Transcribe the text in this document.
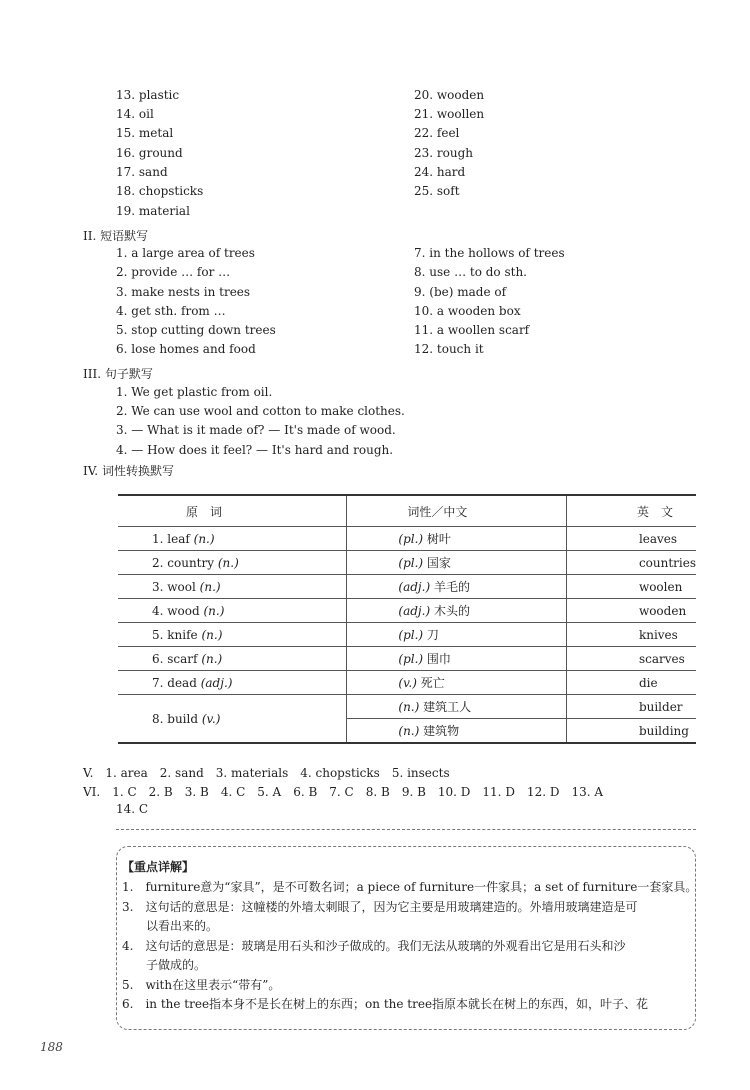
13. plastic
14. oil
15. metal
16. ground
17. sand
18. chopsticks
19. material
20. wooden
21. woollen
22. feel
23. rough
24. hard
25. soft
II. 短语默写
1. a large area of trees
2. provide … for …
3. make nests in trees
4. get sth. from …
5. stop cutting down trees
6. lose homes and food
7. in the hollows of trees
8. use … to do sth.
9. (be) made of
10. a wooden box
11. a woollen scarf
12. touch it
III. 句子默写
1. We get plastic from oil.
2. We can use wool and cotton to make clothes.
3. — What is it made of? — It's made of wood.
4. — How does it feel? — It's hard and rough.
IV. 词性转换默写
原　词	词性／中文	英　文
1. leaf (n.)	(pl.) 树叶	leaves
2. country (n.)	(pl.) 国家	countries
3. wool (n.)	(adj.) 羊毛的	woolen
4. wood (n.)	(adj.) 木头的	wooden
5. knife (n.)	(pl.) 刀	knives
6. scarf (n.)	(pl.) 围巾	scarves
7. dead (adj.)	(v.) 死亡	die
8. build (v.)	(n.) 建筑工人	builder
	(n.) 建筑物	building
V.　1. area　2. sand　3. materials　4. chopsticks　5. insects
VI.　1. C　2. B　3. B　4. C　5. A　6. B　7. C　8. B　9. B　10. D　11. D　12. D　13. A
14. C
【重点详解】
1.　furniture意为“家具”，是不可数名词；a piece of furniture一件家具；a set of furniture一套家具。
3.　这句话的意思是：这幢楼的外墙太刺眼了，因为它主要是用玻璃建造的。外墙用玻璃建造是可
　　以看出来的。
4.　这句话的意思是：玻璃是用石头和沙子做成的。我们无法从玻璃的外观看出它是用石头和沙
　　子做成的。
5.　with在这里表示“带有”。
6.　in the tree指本身不是长在树上的东西；on the tree指原本就长在树上的东西，如，叶子、花
188
